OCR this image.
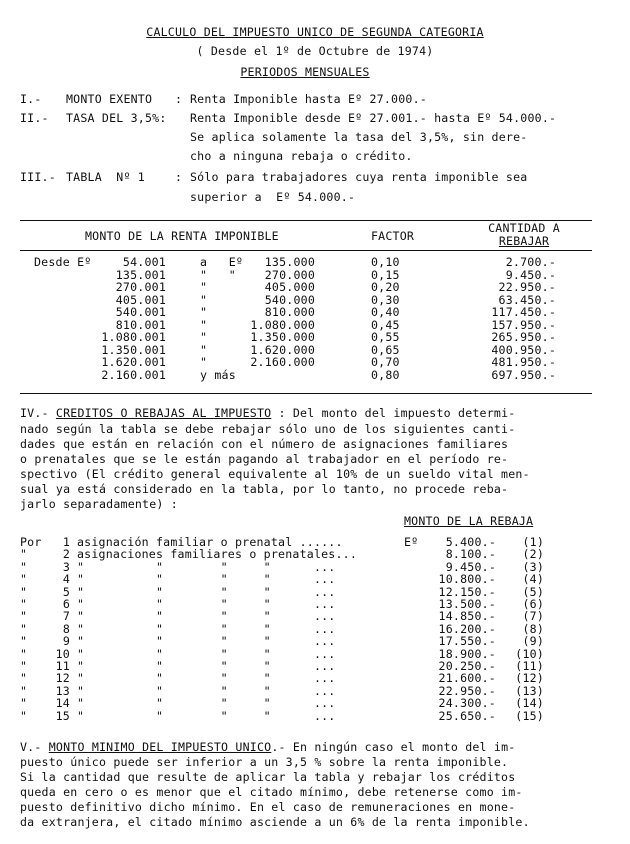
CALCULO DEL IMPUESTO UNICO DE SEGUNDA CATEGORIA
( Desde el 1º de Octubre de 1974)
PERIODOS MENSUALES
I.- MONTO EXENTO : Renta Imponible hasta Eº 27.000.-
II.- TASA DEL 3,5%: Renta Imponible desde Eº 27.001.- hasta Eº 54.000.-
Se aplica solamente la tasa del 3,5%, sin dere-
cho a ninguna rebaja o crédito.
III.- TABLA  Nº 1	: Sólo para trabajadores cuya renta imponible sea
superior a  Eº 54.000.-
MONTO DE LA RENTA IMPONIBLE	FACTOR
CANTIDAD A
REBAJAR
Desde Eº	54.001	a   Eº	135.000	0,10	2.700.-
135.001	"   "	270.000	0,15	9.450.-
270.001	"	405.000	0,20	22.950.-
405.001	"	540.000	0,30	63.450.-
540.001	"	810.000	0,40	117.450.-
810.001	"	1.080.000	0,45	157.950.-
1.080.001	"	1.350.000	0,55	265.950.-
1.350.001	"	1.620.000	0,65	400.950.-
1.620.001	"	2.160.000	0,70	481.950.-
2.160.001	y más	0,80	697.950.-
IV.- CREDITOS O REBAJAS AL IMPUESTO : Del monto del impuesto determi-
nado según la tabla se debe rebajar sólo uno de los siguientes canti-
dades que están en relación con el número de asignaciones familiares
o prenatales que se le están pagando al trabajador en el período re-
spectivo (El crédito general equivalente al 10% de un sueldo vital men-
sual ya está considerado en la tabla, por lo tanto, no procede reba-
jarlo separadamente) :
MONTO DE LA REBAJA
Por	1 asignación familiar o prenatal ......	Eº	5.400.-	(1)
"	2 asignaciones familiares o prenatales...	8.100.-	(2)
"	3 "          "        "     "      ...	9.450.-	(3)
"	4 "          "        "     "      ...	10.800.-	(4)
"	5 "          "        "     "      ...	12.150.-	(5)
"	6 "          "        "     "      ...	13.500.-	(6)
"	7 "          "        "     "      ...	14.850.-	(7)
"	8 "          "        "     "      ...	16.200.-	(8)
"	9 "          "        "     "      ...	17.550.-	(9)
"	10 "          "        "     "      ...	18.900.-	(10)
"	11 "          "        "     "      ...	20.250.-	(11)
"	12 "          "        "     "      ...	21.600.-	(12)
"	13 "          "        "     "      ...	22.950.-	(13)
"	14 "          "        "     "      ...	24.300.-	(14)
"	15 "          "        "     "      ...	25.650.-	(15)
V.- MONTO MINIMO DEL IMPUESTO UNICO.- En ningún caso el monto del im-
puesto único puede ser inferior a un 3,5 % sobre la renta imponible.
Si la cantidad que resulte de aplicar la tabla y rebajar los créditos
queda en cero o es menor que el citado mínimo, debe retenerse como im-
puesto definitivo dicho mínimo. En el caso de remuneraciones en mone-
da extranjera, el citado mínimo asciende a un 6% de la renta imponible.
